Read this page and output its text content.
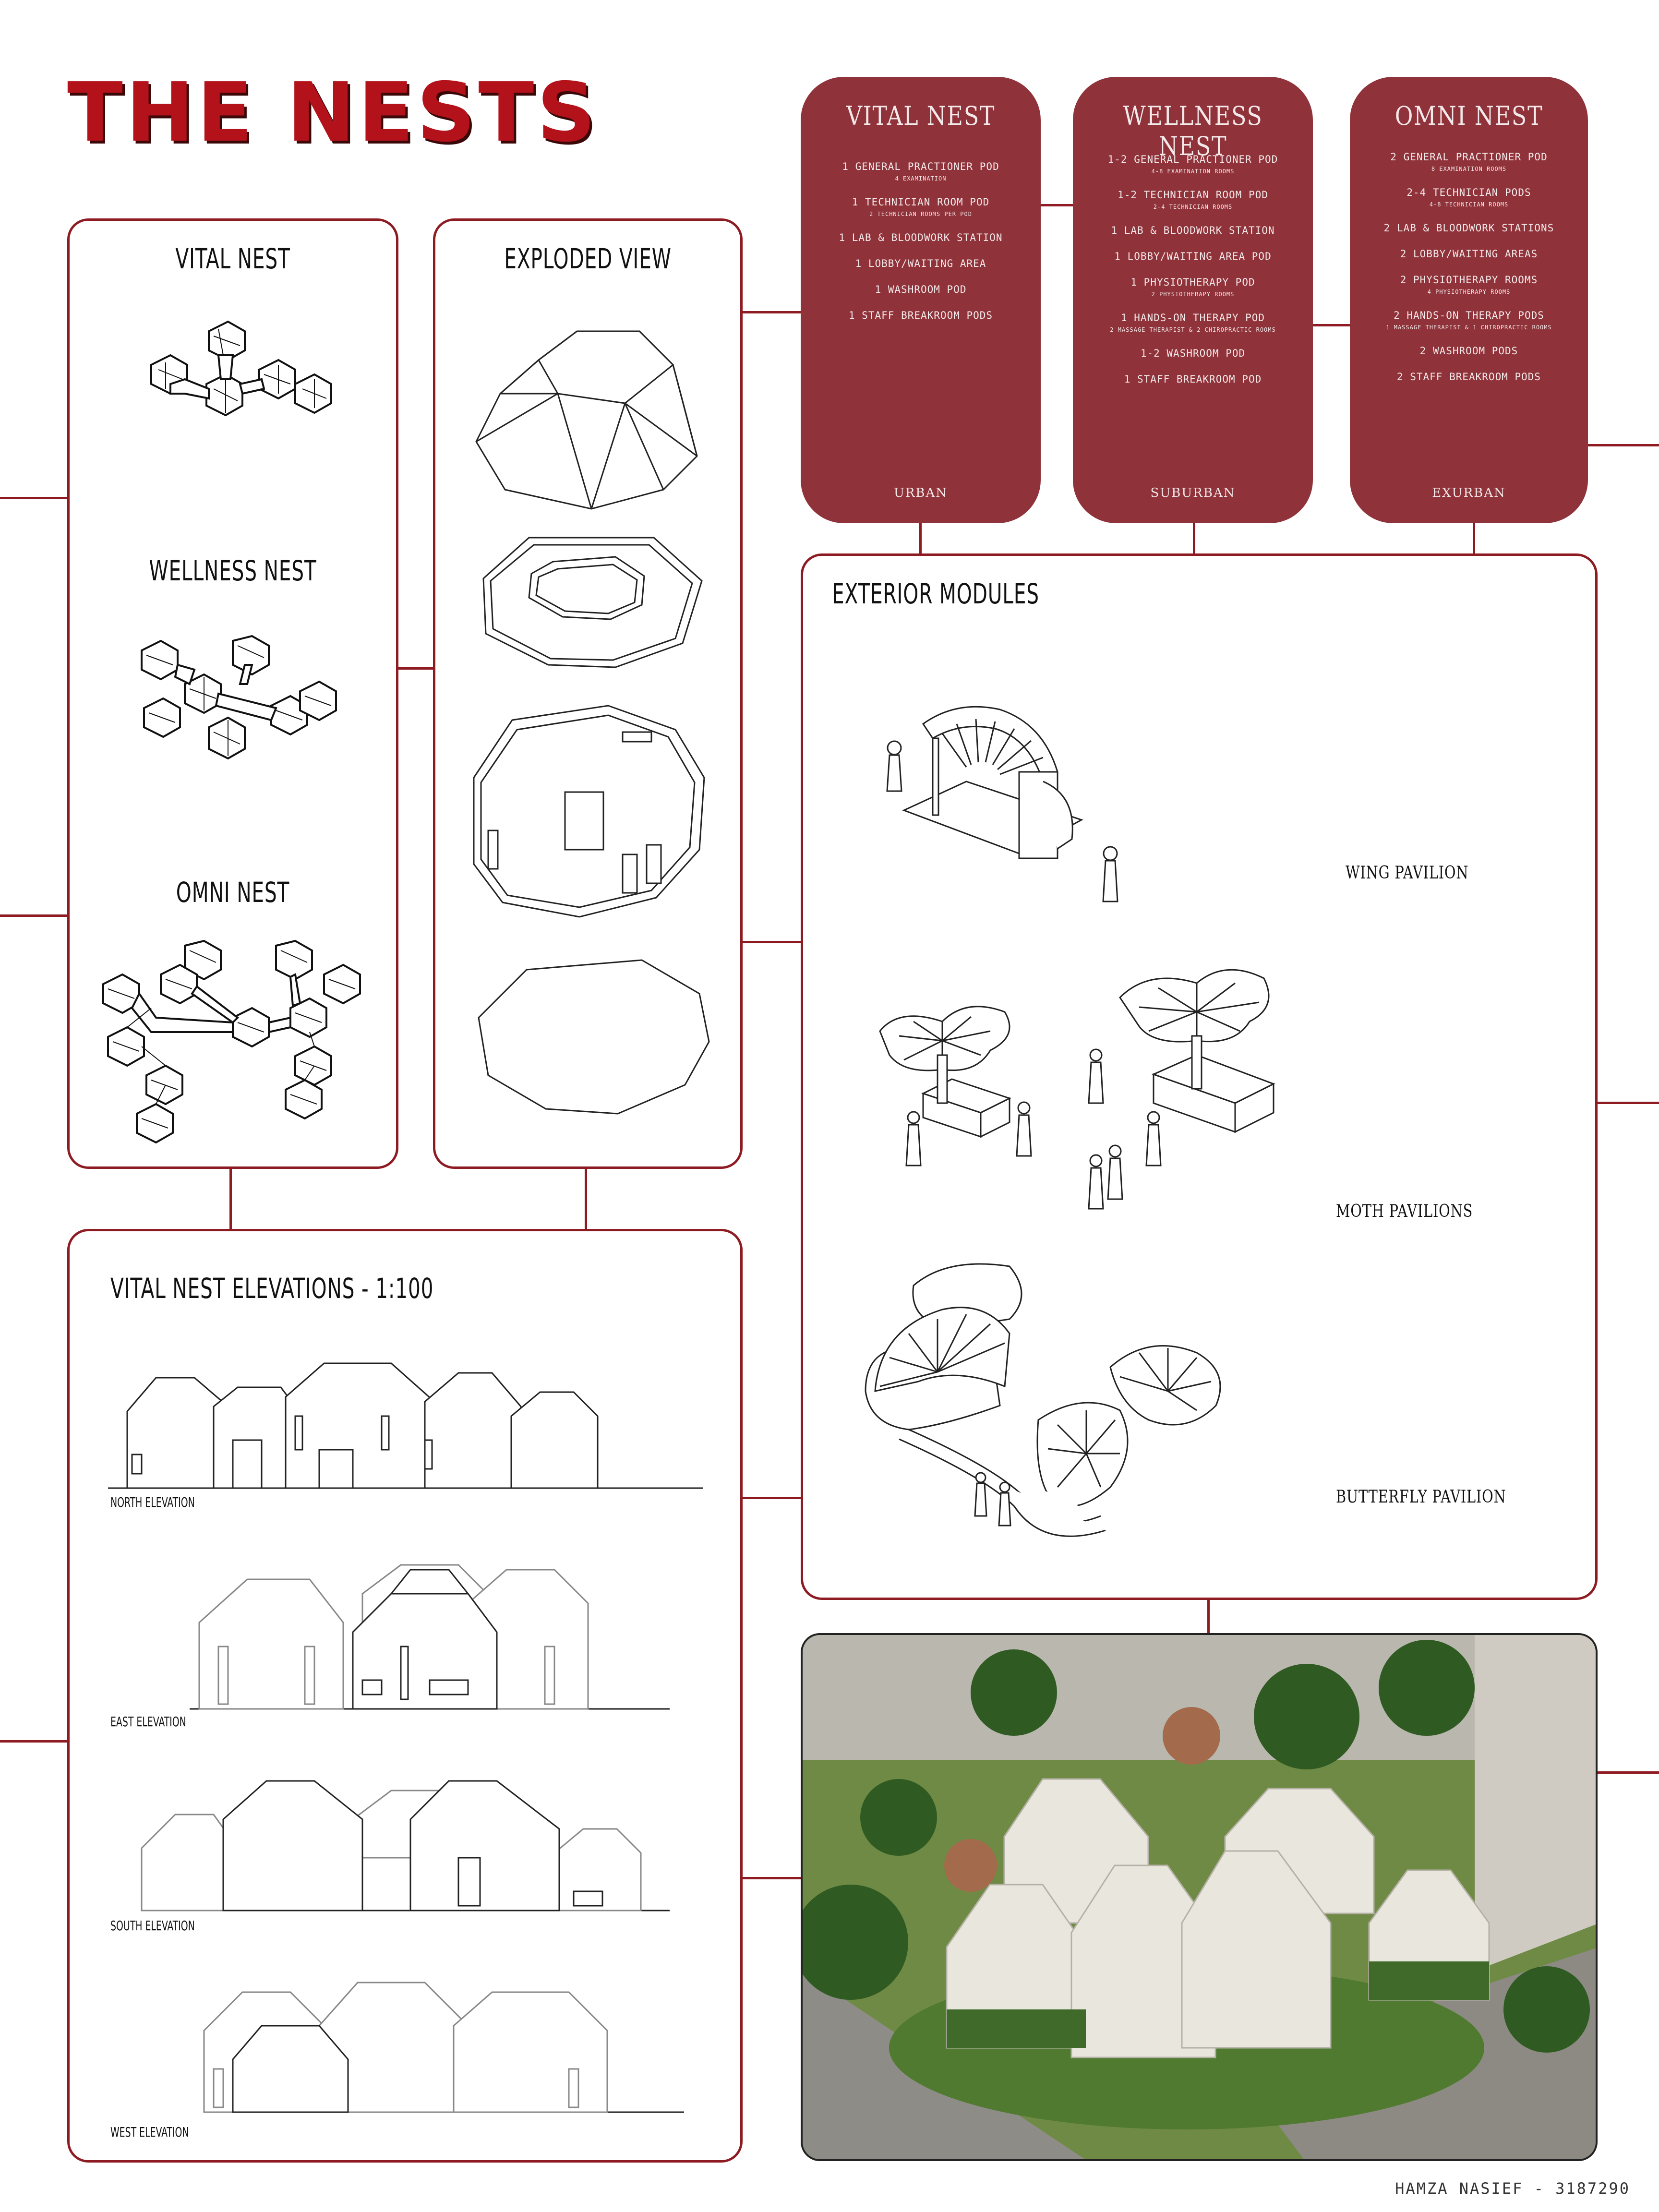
THE NESTS
VITAL NEST
WELLNESS NEST
OMNI NEST
EXPLODED VIEW
VITAL NEST
1 GENERAL PRACTIONER POD
4 EXAMINATION
1 TECHNICIAN ROOM POD
2 TECHNICIAN ROOMS PER POD
1 LAB & BLOODWORK STATION
1 LOBBY/WAITING AREA
1 WASHROOM POD
1 STAFF BREAKROOM PODS
URBAN
WELLNESS NEST
1-2 GENERAL PRACTIONER POD
4-8 EXAMINATION ROOMS
1-2 TECHNICIAN ROOM POD
2-4 TECHNICIAN ROOMS
1 LAB & BLOODWORK STATION
1 LOBBY/WAITING AREA POD
1 PHYSIOTHERAPY POD
2 PHYSIOTHERAPY ROOMS
1 HANDS-ON THERAPY POD
2 MASSAGE THERAPIST & 2 CHIROPRACTIC ROOMS
1-2 WASHROOM POD
1 STAFF BREAKROOM POD
SUBURBAN
OMNI NEST
2 GENERAL PRACTIONER POD
8 EXAMINATION ROOMS
2-4 TECHNICIAN PODS
4-8 TECHNICIAN ROOMS
2 LAB & BLOODWORK STATIONS
2 LOBBY/WAITING AREAS
2 PHYSIOTHERAPY ROOMS
4 PHYSIOTHERAPY ROOMS
2 HANDS-ON THERAPY PODS
1 MASSAGE THERAPIST & 1 CHIROPRACTIC ROOMS
2 WASHROOM PODS
2 STAFF BREAKROOM PODS
EXURBAN
EXTERIOR MODULES
WING PAVILION
MOTH PAVILIONS
BUTTERFLY PAVILION
VITAL NEST ELEVATIONS - 1:100
NORTH ELEVATION
EAST ELEVATION
SOUTH ELEVATION
WEST ELEVATION
HAMZA NASIEF - 3187290
